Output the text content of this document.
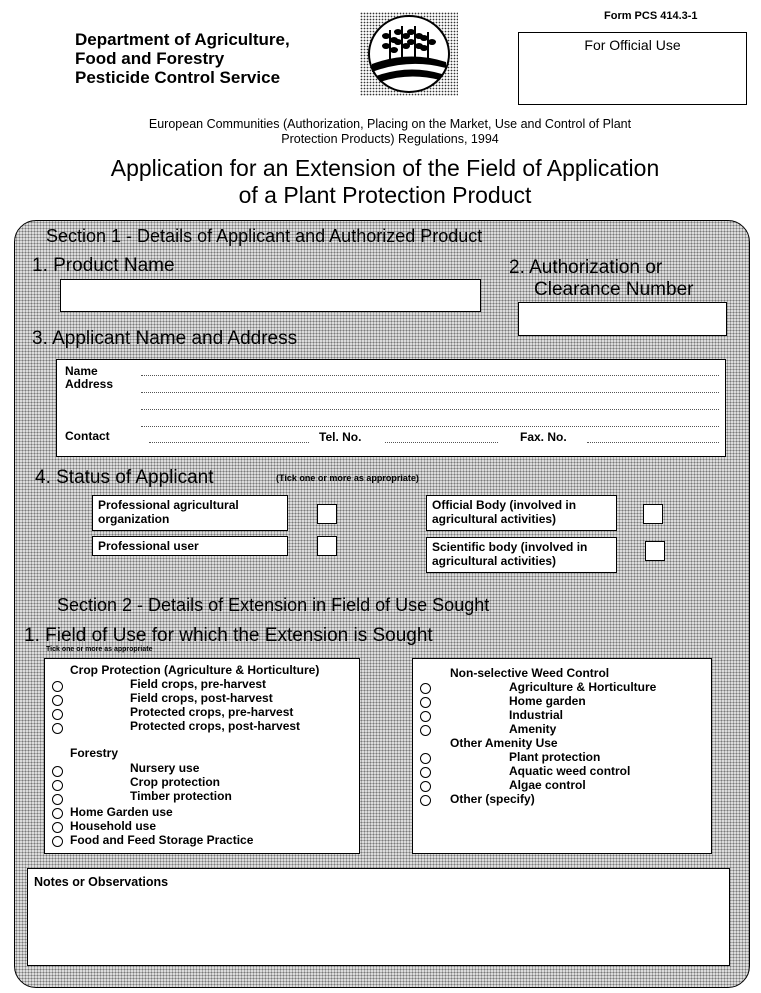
Department of Agriculture,
Food and Forestry
Pesticide Control Service
Form PCS 414.3-1
For Official Use
European Communities (Authorization, Placing on the Market, Use and Control of Plant
Protection Products) Regulations, 1994
Application for an Extension of the Field of Application
of a Plant Protection Product
Section 1 - Details of Applicant and Authorized Product
1. Product Name	2. Authorization or
Clearance Number
3. Applicant Name and Address
Name
Address
Contact	Tel. No.	Fax. No.
4. Status of Applicant	(Tick one or more as appropriate)
Professional agricultural organization
Professional user
Official Body (involved in agricultural activities)
Scientific body (involved in agricultural activities)
Section 2 - Details of Extension in Field of Use Sought
1. Field of Use for which the Extension is Sought
Tick one or more as appropriate
Crop Protection (Agriculture & Horticulture)
Field crops, pre-harvest
Field crops, post-harvest
Protected crops, pre-harvest
Protected crops, post-harvest
Forestry
Nursery use
Crop protection
Timber protection
Home Garden use
Household use
Food and Feed Storage Practice
Non-selective Weed Control
Agriculture & Horticulture
Home garden
Industrial
Amenity
Other Amenity Use
Plant protection
Aquatic weed control
Algae control
Other (specify)
Notes or Observations
